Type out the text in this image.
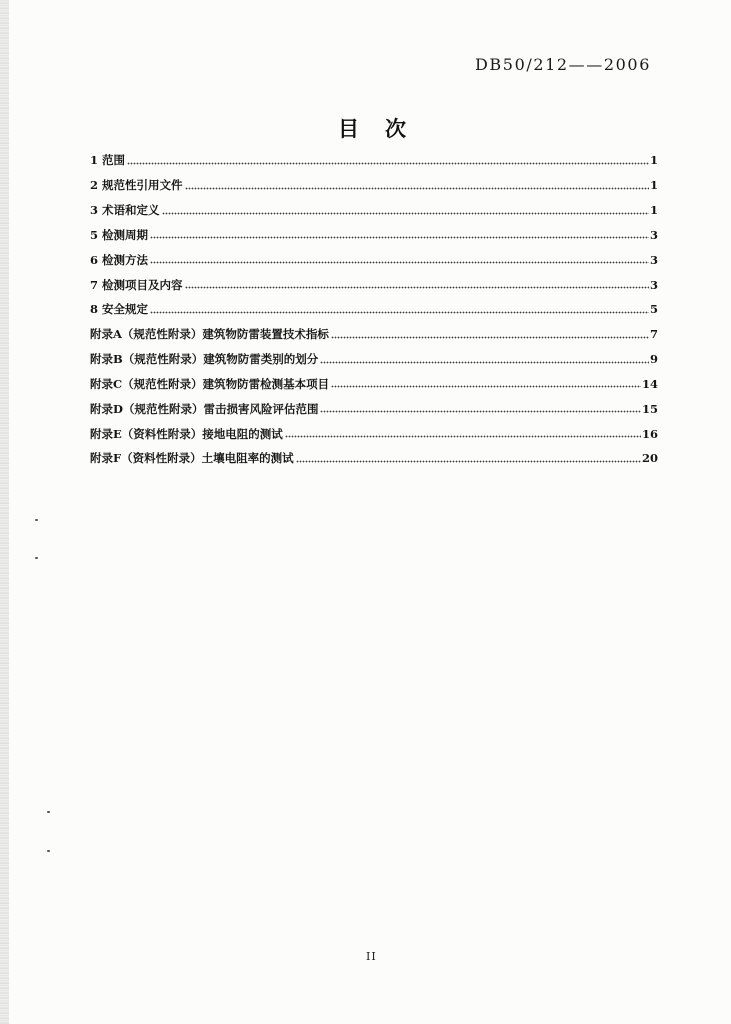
DB50/212——2006
目次
1 范围	1
2 规范性引用文件	1
3 术语和定义	1
5 检测周期	3
6 检测方法	3
7 检测项目及内容	3
8 安全规定	5
附录A（规范性附录）建筑物防雷装置技术指标	7
附录B（规范性附录）建筑物防雷类别的划分	9
附录C（规范性附录）建筑物防雷检测基本项目	14
附录D（规范性附录）雷击损害风险评估范围	15
附录E（资料性附录）接地电阻的测试	16
附录F（资料性附录）土壤电阻率的测试	20
II
